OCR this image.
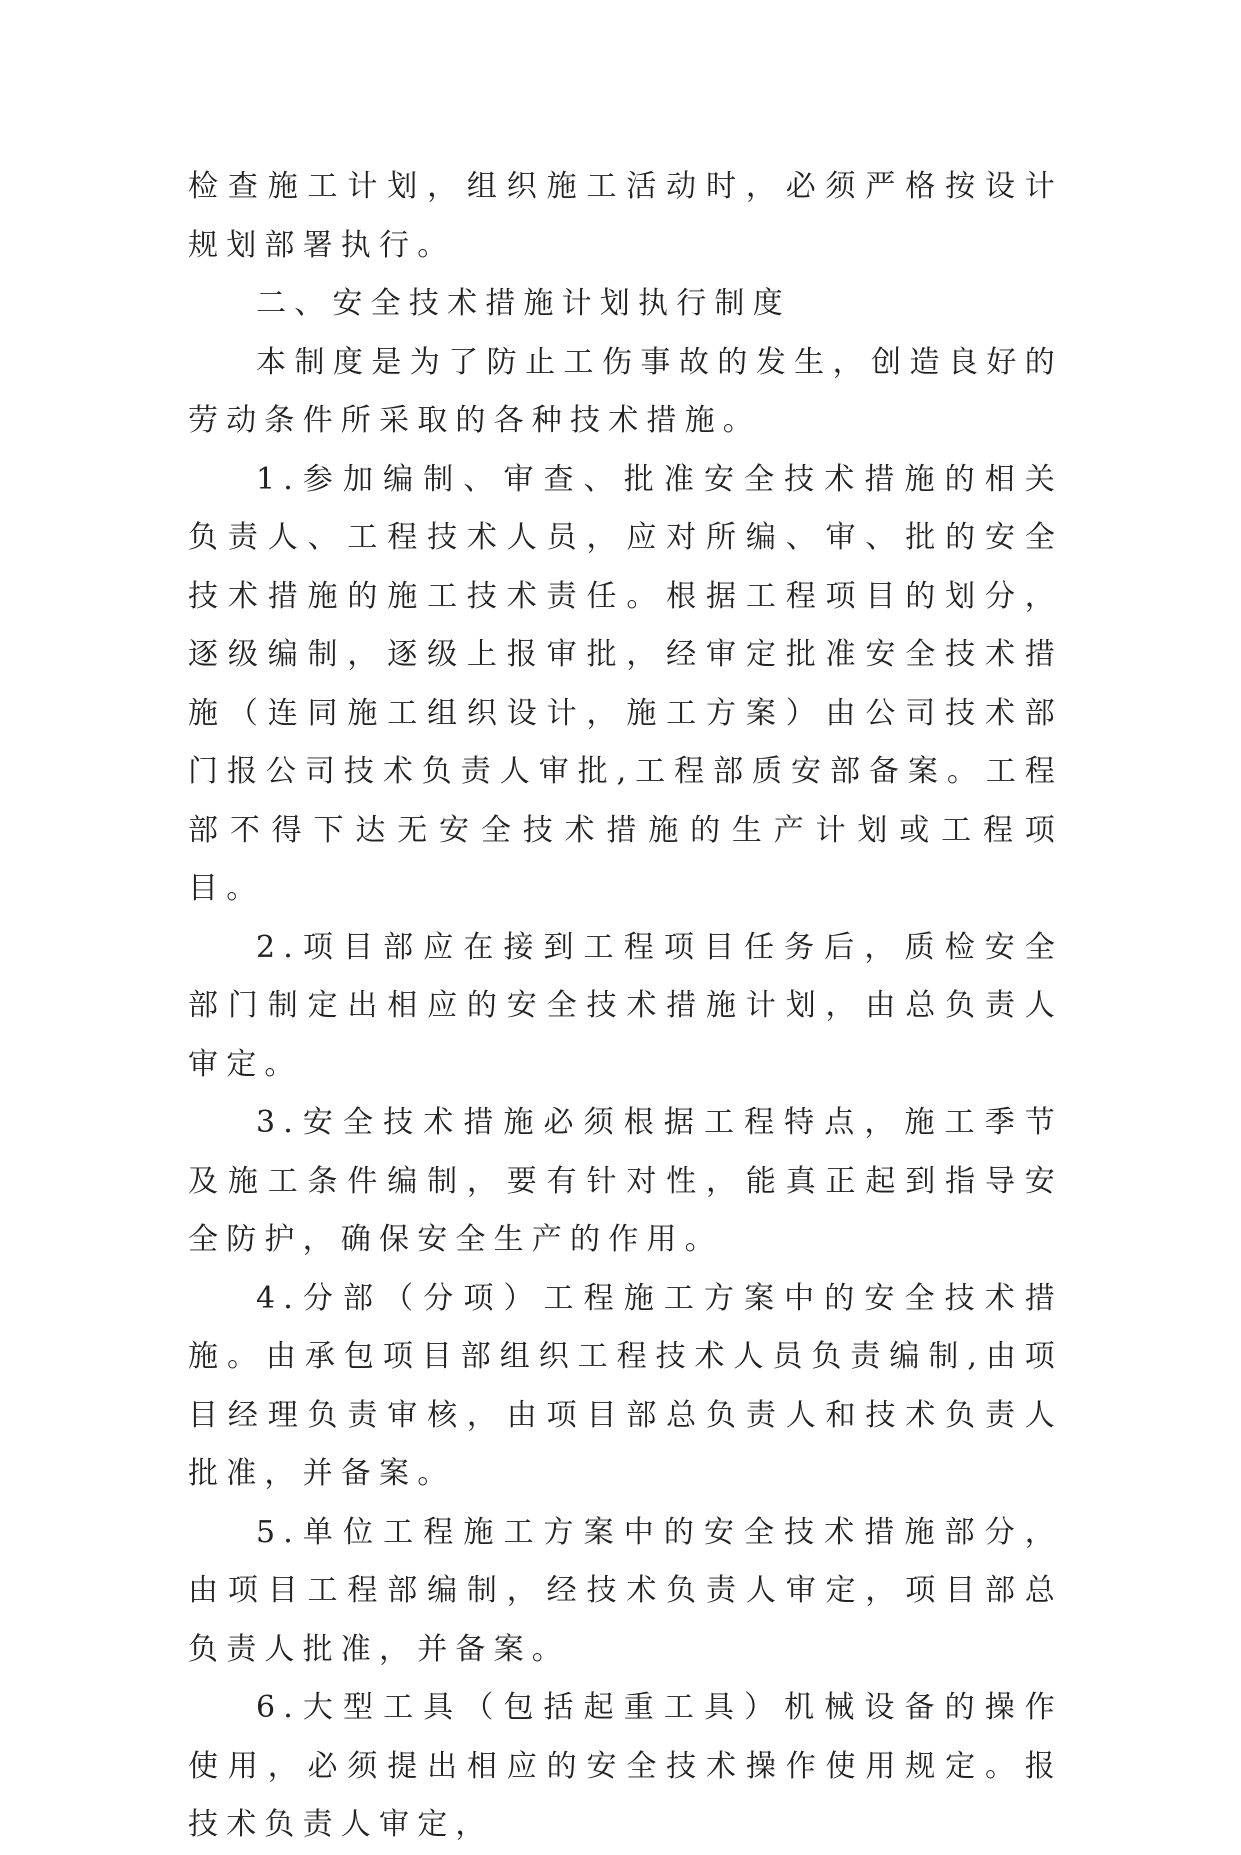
检查施工计划，组织施工活动时，必须严格按设计规划部署执行。

二、安全技术措施计划执行制度

本制度是为了防止工伤事故的发生，创造良好的劳动条件所采取的各种技术措施。

1.参加编制、审查、批准安全技术措施的相关负责人、工程技术人员，应对所编、审、批的安全技术措施的施工技术责任。根据工程项目的划分，逐级编制，逐级上报审批，经审定批准安全技术措施（连同施工组织设计，施工方案）由公司技术部门报公司技术负责人审批,工程部质安部备案。工程部不得下达无安全技术措施的生产计划或工程项目。

2.项目部应在接到工程项目任务后，质检安全部门制定出相应的安全技术措施计划，由总负责人审定。

3.安全技术措施必须根据工程特点，施工季节及施工条件编制，要有针对性，能真正起到指导安全防护，确保安全生产的作用。

4.分部（分项）工程施工方案中的安全技术措施。由承包项目部组织工程技术人员负责编制,由项目经理负责审核，由项目部总负责人和技术负责人批准，并备案。

5.单位工程施工方案中的安全技术措施部分，由项目工程部编制，经技术负责人审定，项目部总负责人批准，并备案。

6.大型工具（包括起重工具）机械设备的操作使用，必须提出相应的安全技术操作使用规定。报技术负责人审定，
